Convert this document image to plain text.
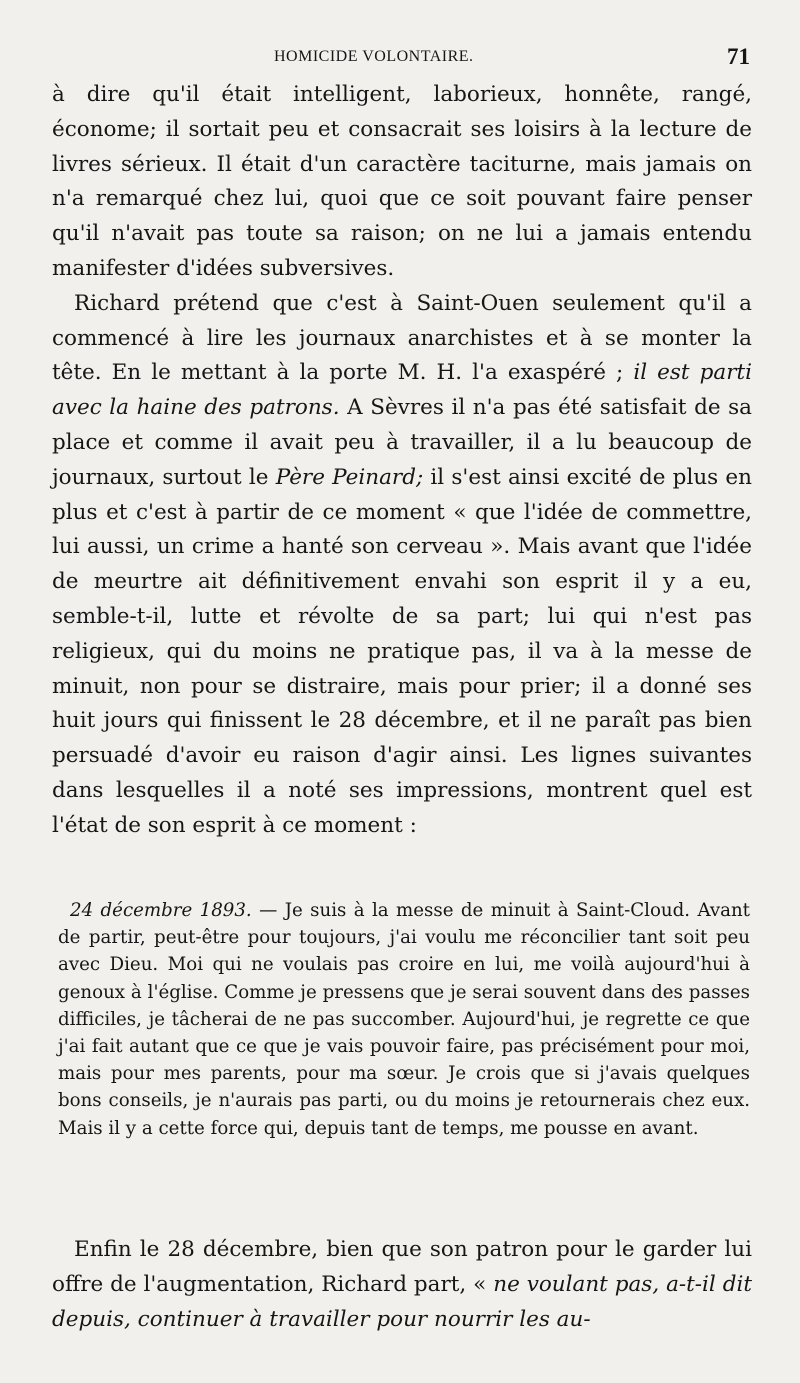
HOMICIDE VOLONTAIRE.	71

à dire qu'il était intelligent, laborieux, honnête, rangé, économe; il sortait peu et consacrait ses loisirs à la lecture de livres sérieux. Il était d'un caractère taciturne, mais jamais on n'a remarqué chez lui, quoi que ce soit pouvant faire penser qu'il n'avait pas toute sa raison; on ne lui a jamais entendu manifester d'idées subversives.

Richard prétend que c'est à Saint-Ouen seulement qu'il a commencé à lire les journaux anarchistes et à se monter la tête. En le mettant à la porte M. H. l'a exaspéré ; il est parti avec la haine des patrons. A Sèvres il n'a pas été satisfait de sa place et comme il avait peu à travailler, il a lu beaucoup de journaux, surtout le Père Peinard; il s'est ainsi excité de plus en plus et c'est à partir de ce moment « que l'idée de commettre, lui aussi, un crime a hanté son cerveau ». Mais avant que l'idée de meurtre ait définitivement envahi son esprit il y a eu, semble-t-il, lutte et révolte de sa part; lui qui n'est pas religieux, qui du moins ne pratique pas, il va à la messe de minuit, non pour se distraire, mais pour prier; il a donné ses huit jours qui finissent le 28 décembre, et il ne paraît pas bien persuadé d'avoir eu raison d'agir ainsi. Les lignes suivantes dans lesquelles il a noté ses impressions, montrent quel est l'état de son esprit à ce moment :

24 décembre 1893. — Je suis à la messe de minuit à Saint-Cloud. Avant de partir, peut-être pour toujours, j'ai voulu me réconcilier tant soit peu avec Dieu. Moi qui ne voulais pas croire en lui, me voilà aujourd'hui à genoux à l'église. Comme je pressens que je serai souvent dans des passes difficiles, je tâcherai de ne pas succomber. Aujourd'hui, je regrette ce que j'ai fait autant que ce que je vais pouvoir faire, pas précisément pour moi, mais pour mes parents, pour ma sœur. Je crois que si j'avais quelques bons conseils, je n'aurais pas parti, ou du moins je retournerais chez eux. Mais il y a cette force qui, depuis tant de temps, me pousse en avant.

Enfin le 28 décembre, bien que son patron pour le garder lui offre de l'augmentation, Richard part, « ne voulant pas, a-t-il dit depuis, continuer à travailler pour nourrir les au-
